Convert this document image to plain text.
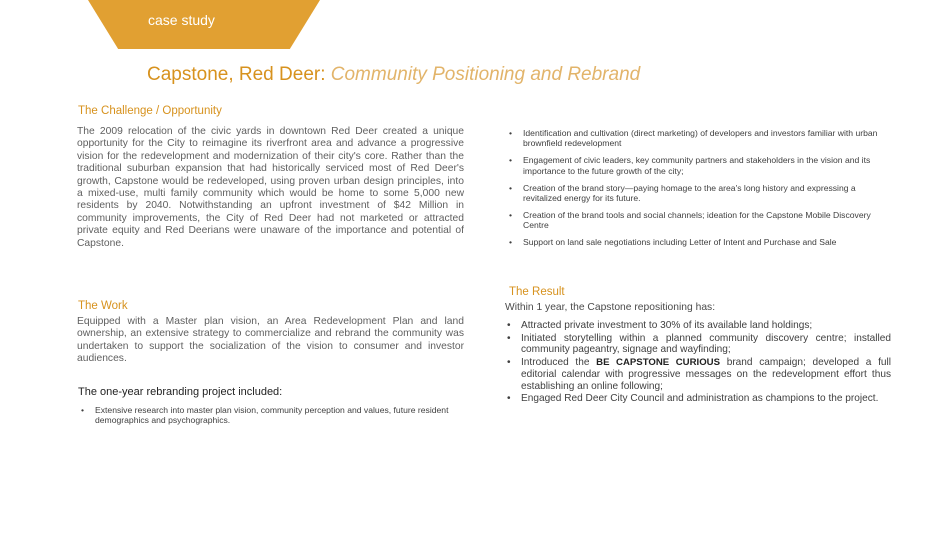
case study
Capstone, Red Deer: Community Positioning and Rebrand
The Challenge / Opportunity
The 2009 relocation of the civic yards in downtown Red Deer created a unique opportunity for the City to reimagine its riverfront area and advance a progressive vision for the redevelopment and modernization of their city's core. Rather than the traditional suburban expansion that had historically serviced most of Red Deer's growth, Capstone would be redeveloped, using proven urban design principles, into a mixed-use, multi family community which would be home to some 5,000 new residents by 2040. Notwithstanding an upfront investment of $42 Million in community improvements, the City of Red Deer had not marketed or attracted private equity and Red Deerians were unaware of the importance and potential of Capstone.
The Work
Equipped with a Master plan vision, an Area Redevelopment Plan and land ownership, an extensive strategy to commercialize and rebrand the community was undertaken to support the socialization of the vision to consumer and investor audiences.
The one-year rebranding project included:
• Extensive research into master plan vision, community perception and values, future resident demographics and psychographics.
• Identification and cultivation (direct marketing) of developers and investors familiar with urban brownfield redevelopment
• Engagement of civic leaders, key community partners and stakeholders in the vision and its importance to the future growth of the city;
• Creation of the brand story—paying homage to the area's long history and expressing a revitalized energy for its future.
• Creation of the brand tools and social channels; ideation for the Capstone Mobile Discovery Centre
• Support on land sale negotiations including Letter of Intent and Purchase and Sale
The Result
Within 1 year, the Capstone repositioning has:
• Attracted private investment to 30% of its available land holdings;
• Initiated storytelling within a planned community discovery centre; installed community pageantry, signage and wayfinding;
• Introduced the BE CAPSTONE CURIOUS brand campaign; developed a full editorial calendar with progressive messages on the redevelopment effort thus establishing an online following;
• Engaged Red Deer City Council and administration as champions to the project.
